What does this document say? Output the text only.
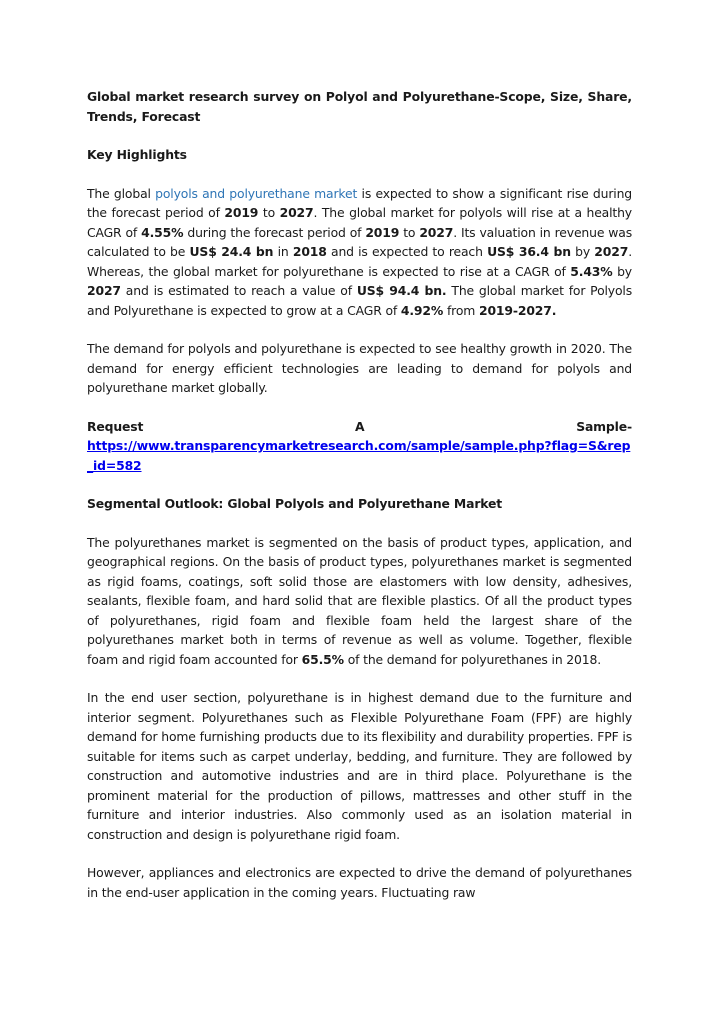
Global market research survey on Polyol and Polyurethane-Scope, Size, Share, Trends, Forecast
Key Highlights
The global polyols and polyurethane market is expected to show a significant rise during the forecast period of 2019 to 2027. The global market for polyols will rise at a healthy CAGR of 4.55% during the forecast period of 2019 to 2027. Its valuation in revenue was calculated to be US$ 24.4 bn in 2018 and is expected to reach US$ 36.4 bn by 2027. Whereas, the global market for polyurethane is expected to rise at a CAGR of 5.43% by 2027 and is estimated to reach a value of US$ 94.4 bn. The global market for Polyols and Polyurethane is expected to grow at a CAGR of 4.92% from 2019-2027.
The demand for polyols and polyurethane is expected to see healthy growth in 2020. The demand for energy efficient technologies are leading to demand for polyols and polyurethane market globally.
Request	A	Sample-
https://www.transparencymarketresearch.com/sample/sample.php?flag=S&rep_id=582
Segmental Outlook: Global Polyols and Polyurethane Market
The polyurethanes market is segmented on the basis of product types, application, and geographical regions. On the basis of product types, polyurethanes market is segmented as rigid foams, coatings, soft solid those are elastomers with low density, adhesives, sealants, flexible foam, and hard solid that are flexible plastics. Of all the product types of polyurethanes, rigid foam and flexible foam held the largest share of the polyurethanes market both in terms of revenue as well as volume. Together, flexible foam and rigid foam accounted for 65.5% of the demand for polyurethanes in 2018.
In the end user section, polyurethane is in highest demand due to the furniture and interior segment. Polyurethanes such as Flexible Polyurethane Foam (FPF) are highly demand for home furnishing products due to its flexibility and durability properties. FPF is suitable for items such as carpet underlay, bedding, and furniture. They are followed by construction and automotive industries and are in third place. Polyurethane is the prominent material for the production of pillows, mattresses and other stuff in the furniture and interior industries. Also commonly used as an isolation material in construction and design is polyurethane rigid foam.
However, appliances and electronics are expected to drive the demand of polyurethanes in the end-user application in the coming years. Fluctuating raw
